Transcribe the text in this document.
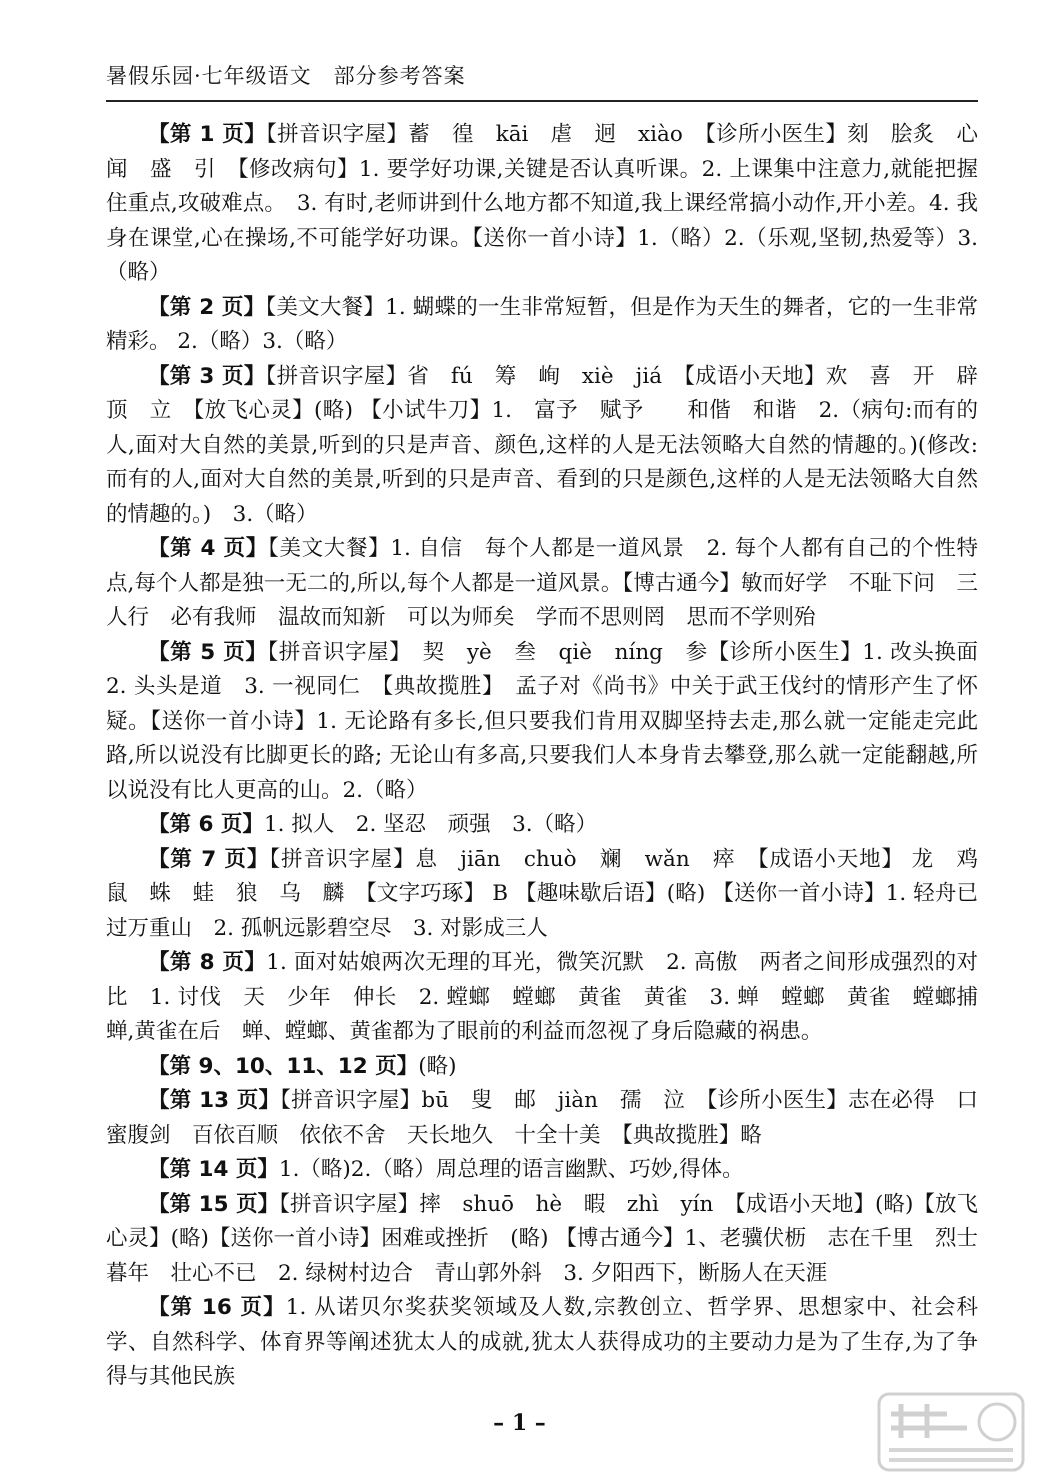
暑假乐园·七年级语文　部分参考答案

【第 1 页】【拼音识字屋】蓄　徨　kāi　虐　迥　xiào　【诊所小医生】刻　脍炙　心　闻　盛　引　【修改病句】1. 要学好功课,关键是否认真听课。2. 上课集中注意力,就能把握住重点,攻破难点。　3. 有时,老师讲到什么地方都不知道,我上课经常搞小动作,开小差。4. 我身在课堂,心在操场,不可能学好功课。【送你一首小诗】1.（略）2.（乐观,坚韧,热爱等）3.（略）

【第 2 页】【美文大餐】1. 蝴蝶的一生非常短暂，但是作为天生的舞者，它的一生非常精彩。 2.（略）3.（略）

【第 3 页】【拼音识字屋】省　fú　筹　峋　xiè　jiá　【成语小天地】欢　喜　开　辟　顶　立　【放飞心灵】(略) 【小试牛刀】1.　富予　赋予　　和偕　和谐　2.（病句:而有的人,面对大自然的美景,听到的只是声音、颜色,这样的人是无法领略大自然的情趣的。)(修改:而有的人,面对大自然的美景,听到的只是声音、看到的只是颜色,这样的人是无法领略大自然的情趣的。)　3.（略）

【第 4 页】【美文大餐】1. 自信　每个人都是一道风景　2. 每个人都有自己的个性特点,每个人都是独一无二的,所以,每个人都是一道风景。【博古通今】敏而好学　不耻下问　三人行　必有我师　温故而知新　可以为师矣　学而不思则罔　思而不学则殆

【第 5 页】【拼音识字屋】　契　yè　叁　qiè　níng　参【诊所小医生】1. 改头换面　2. 头头是道　3. 一视同仁　【典故揽胜】　孟子对《尚书》中关于武王伐纣的情形产生了怀疑。【送你一首小诗】1. 无论路有多长,但只要我们肯用双脚坚持去走,那么就一定能走完此路,所以说没有比脚更长的路; 无论山有多高,只要我们人本身肯去攀登,那么就一定能翻越,所以说没有比人更高的山。2.（略）

【第 6 页】1. 拟人　2. 坚忍　顽强　3.（略）

【第 7 页】【拼音识字屋】息　jiān　chuò　斓　wǎn　瘁　【成语小天地】 龙　鸡　鼠　蛛　蛙　狼　乌　麟　【文字巧琢】 B 【趣味歇后语】(略) 【送你一首小诗】1. 轻舟已过万重山　2. 孤帆远影碧空尽　3. 对影成三人

【第 8 页】1. 面对姑娘两次无理的耳光，微笑沉默　2. 高傲　两者之间形成强烈的对比　1. 讨伐　天　少年　伸长　2. 螳螂　螳螂　黄雀　黄雀　3. 蝉　螳螂　黄雀　螳螂捕蝉,黄雀在后　蝉、螳螂、黄雀都为了眼前的利益而忽视了身后隐藏的祸患。

【第 9、10、11、12 页】(略)

【第 13 页】【拼音识字屋】bū　叟　邮　jiàn　孺　泣　【诊所小医生】志在必得　口蜜腹剑　百依百顺　依依不舍　天长地久　十全十美　【典故揽胜】略

【第 14 页】1.（略)2.（略）周总理的语言幽默、巧妙,得体。

【第 15 页】【拼音识字屋】摔　shuō　hè　暇　zhì　yín　【成语小天地】(略)【放飞心灵】(略)【送你一首小诗】困难或挫折　(略) 【博古通今】1、老骥伏枥　志在千里　烈士暮年　壮心不已　2. 绿树村边合　青山郭外斜　3. 夕阳西下，断肠人在天涯

【第 16 页】1. 从诺贝尔奖获奖领域及人数,宗教创立、哲学界、思想家中、社会科学、自然科学、体育界等阐述犹太人的成就,犹太人获得成功的主要动力是为了生存,为了争得与其他民族

– 1 –
